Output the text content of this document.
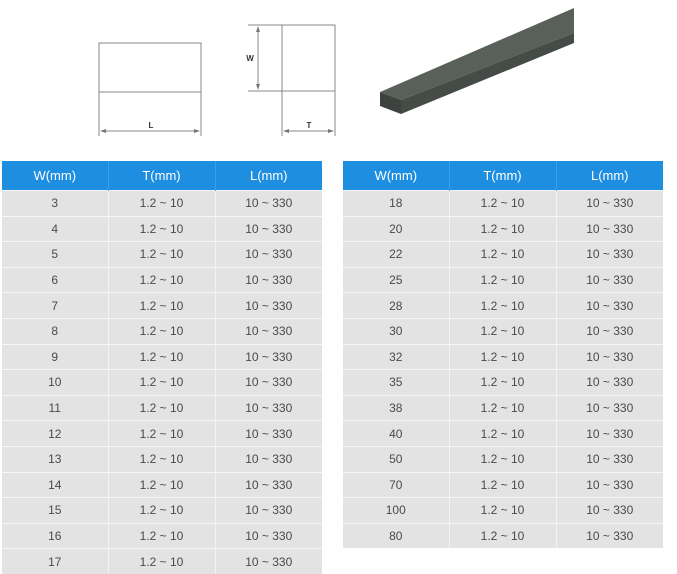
L
W
T
W(mm)	T(mm)	L(mm)
3	1.2 ~ 10	10 ~ 330
4	1.2 ~ 10	10 ~ 330
5	1.2 ~ 10	10 ~ 330
6	1.2 ~ 10	10 ~ 330
7	1.2 ~ 10	10 ~ 330
8	1.2 ~ 10	10 ~ 330
9	1.2 ~ 10	10 ~ 330
10	1.2 ~ 10	10 ~ 330
11	1.2 ~ 10	10 ~ 330
12	1.2 ~ 10	10 ~ 330
13	1.2 ~ 10	10 ~ 330
14	1.2 ~ 10	10 ~ 330
15	1.2 ~ 10	10 ~ 330
16	1.2 ~ 10	10 ~ 330
17	1.2 ~ 10	10 ~ 330
W(mm)	T(mm)	L(mm)
18	1.2 ~ 10	10 ~ 330
20	1.2 ~ 10	10 ~ 330
22	1.2 ~ 10	10 ~ 330
25	1.2 ~ 10	10 ~ 330
28	1.2 ~ 10	10 ~ 330
30	1.2 ~ 10	10 ~ 330
32	1.2 ~ 10	10 ~ 330
35	1.2 ~ 10	10 ~ 330
38	1.2 ~ 10	10 ~ 330
40	1.2 ~ 10	10 ~ 330
50	1.2 ~ 10	10 ~ 330
70	1.2 ~ 10	10 ~ 330
100	1.2 ~ 10	10 ~ 330
80	1.2 ~ 10	10 ~ 330
